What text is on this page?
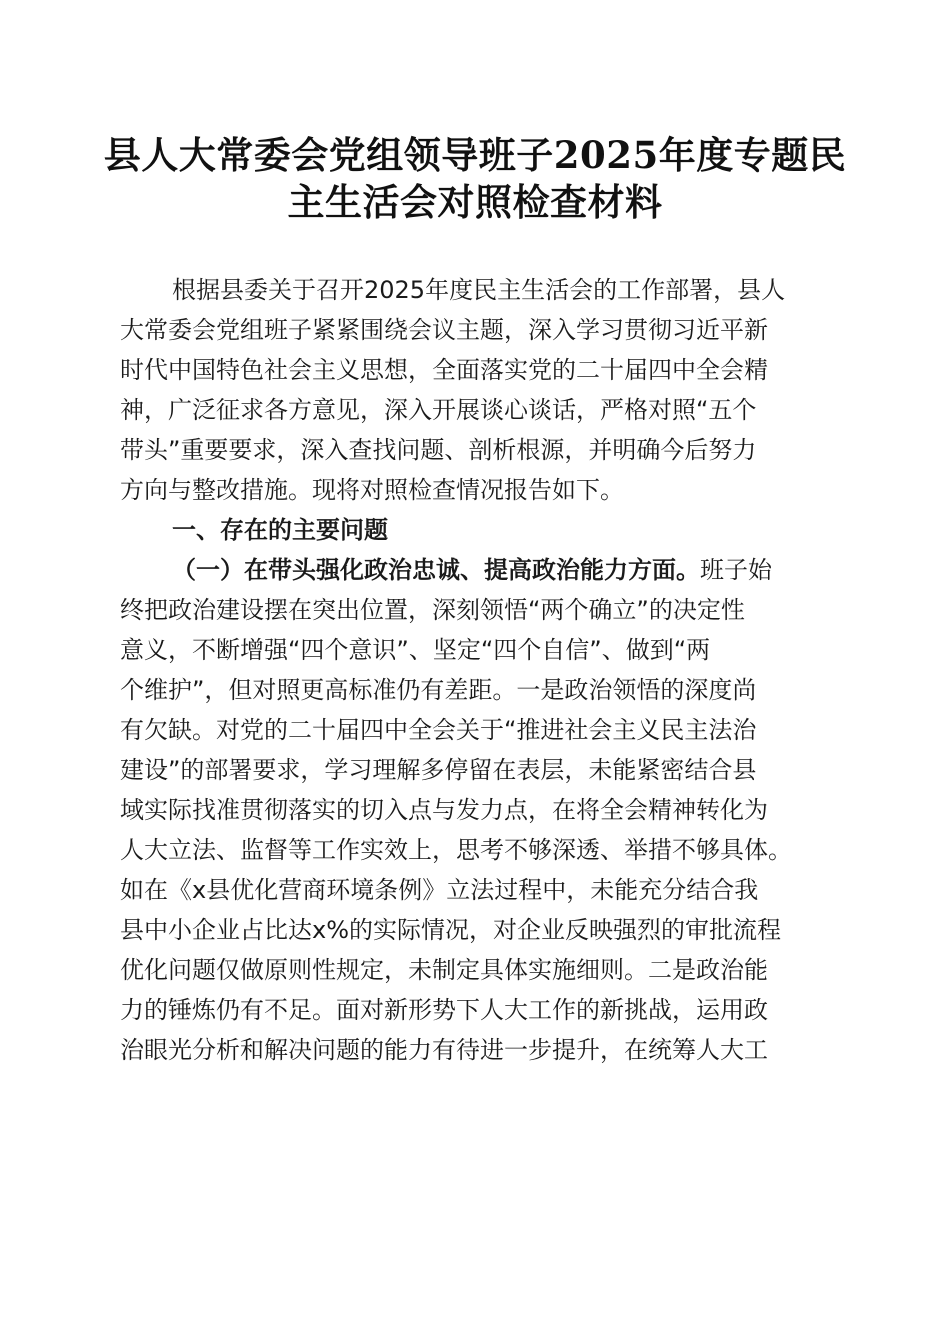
县人大常委会党组领导班子2025年度专题民
主生活会对照检查材料
根据县委关于召开2025年度民主生活会的工作部署，县人
大常委会党组班子紧紧围绕会议主题，深入学习贯彻习近平新
时代中国特色社会主义思想，全面落实党的二十届四中全会精
神，广泛征求各方意见，深入开展谈心谈话，严格对照“五个
带头”重要要求，深入查找问题、剖析根源，并明确今后努力
方向与整改措施。现将对照检查情况报告如下。
一、存在的主要问题
（一）在带头强化政治忠诚、提高政治能力方面。班子始
终把政治建设摆在突出位置，深刻领悟“两个确立”的决定性
意义，不断增强“四个意识”、坚定“四个自信”、做到“两
个维护”，但对照更高标准仍有差距。一是政治领悟的深度尚
有欠缺。对党的二十届四中全会关于“推进社会主义民主法治
建设”的部署要求，学习理解多停留在表层，未能紧密结合县
域实际找准贯彻落实的切入点与发力点，在将全会精神转化为
人大立法、监督等工作实效上，思考不够深透、举措不够具体。
如在《x县优化营商环境条例》立法过程中，未能充分结合我
县中小企业占比达x%的实际情况，对企业反映强烈的审批流程
优化问题仅做原则性规定，未制定具体实施细则。二是政治能
力的锤炼仍有不足。面对新形势下人大工作的新挑战，运用政
治眼光分析和解决问题的能力有待进一步提升，在统筹人大工
